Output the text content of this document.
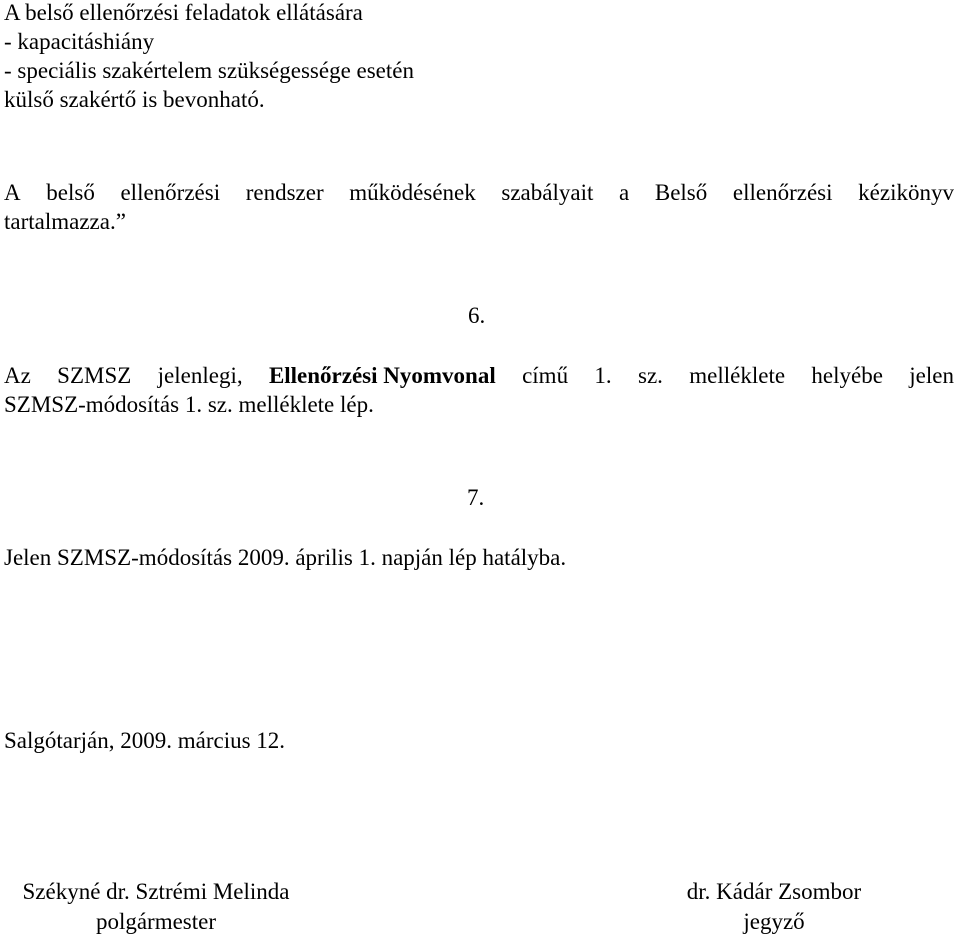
A belső ellenőrzési feladatok ellátására
- kapacitáshiány
- speciális szakértelem szükségessége esetén
külső szakértő is bevonható.
A belső ellenőrzési rendszer működésének szabályait a Belső ellenőrzési kézikönyv
tartalmazza.”
6.
Az SZMSZ jelenlegi, Ellenőrzési Nyomvonal című 1. sz. melléklete helyébe jelen
SZMSZ-módosítás 1. sz. melléklete lép.
7.
Jelen SZMSZ-módosítás 2009. április 1. napján lép hatályba.
Salgótarján, 2009. március 12.
Székyné dr. Sztrémi Melinda
polgármester
dr. Kádár Zsombor
jegyző
